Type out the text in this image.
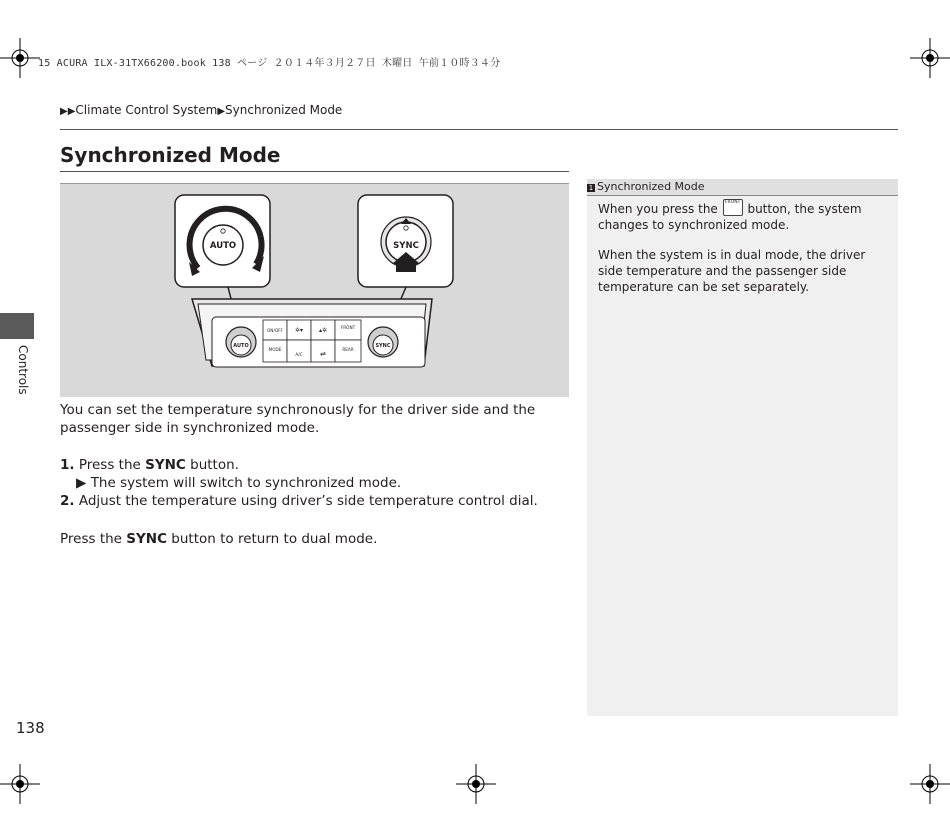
15 ACURA ILX-31TX66200.book 138 ページ ２０１４年３月２７日 木曜日 午前１０時３４分
▶▶Climate Control System▶Synchronized Mode
Synchronized Mode
AUTO	SYNC
AUTO	SYNC
ON/OFF ✲▾	▴✲	FRONT
MODE
A/C ⇌
REAR
You can set the temperature synchronously for the driver side and the passenger side in synchronized mode.
1. Press the SYNC button.
▶ The system will switch to synchronized mode.
2. Adjust the temperature using driver’s side temperature control dial.
Press the SYNC button to return to dual mode.
1 Synchronized Mode
When you press the FRONT button, the system changes to synchronized mode.
When the system is in dual mode, the driver side temperature and the passenger side temperature can be set separately.
Controls
138
